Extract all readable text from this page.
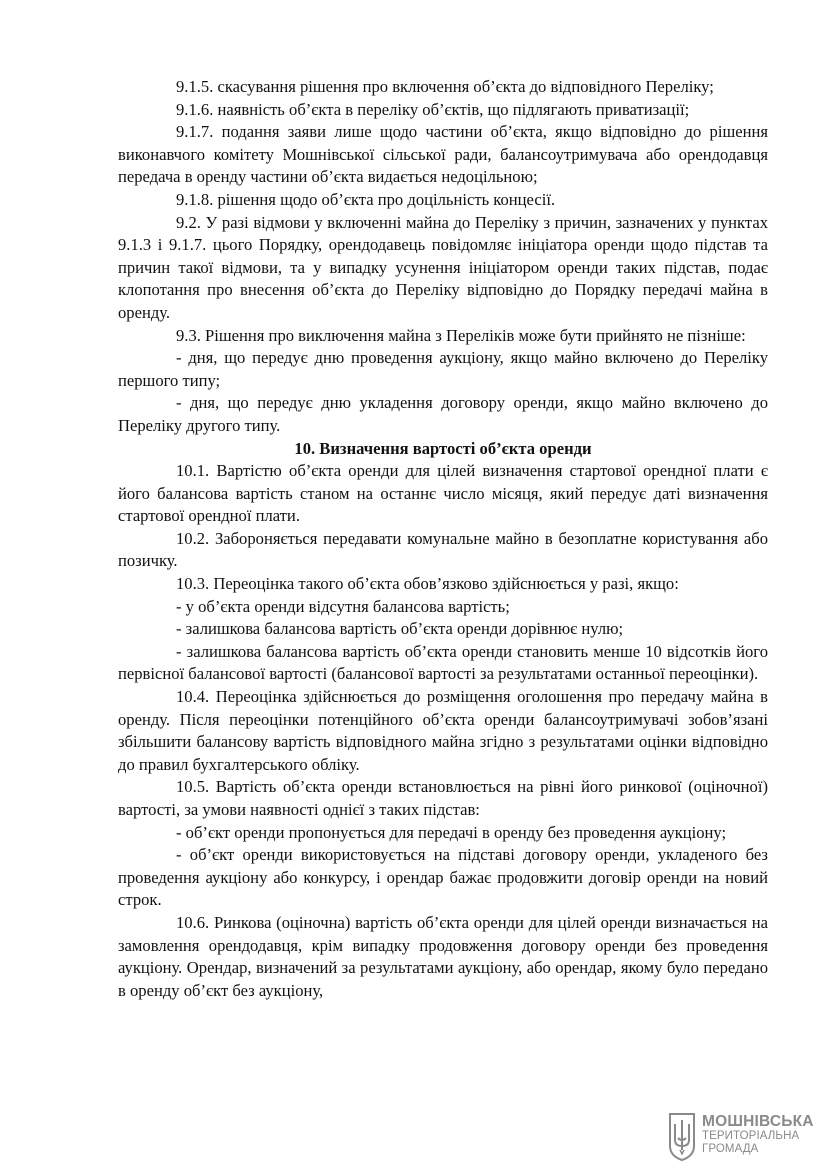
9.1.5. скасування рішення про включення об’єкта до відповідного Переліку;

9.1.6. наявність об’єкта в переліку об’єктів, що підлягають приватизації;

9.1.7. подання заяви лише щодо частини об’єкта, якщо відповідно до рішення виконавчого комітету Мошнівської сільської ради, балансоутримувача або орендодавця передача в оренду частини об’єкта видається недоцільною;

9.1.8. рішення щодо об’єкта про доцільність концесії.

9.2. У разі відмови у включенні майна до Переліку з причин, зазначених у пунктах 9.1.3 і 9.1.7. цього Порядку, орендодавець повідомляє ініціатора оренди щодо підстав та причин такої відмови, та у випадку усунення ініціатором оренди таких підстав, подає клопотання про внесення об’єкта до Переліку відповідно до Порядку передачі майна в оренду.

9.3. Рішення про виключення майна з Переліків може бути прийнято не пізніше:

- дня, що передує дню проведення аукціону, якщо майно включено до Переліку першого типу;

- дня, що передує дню укладення договору оренди, якщо майно включено до Переліку другого типу.

10. Визначення вартості об’єкта оренди

10.1. Вартістю об’єкта оренди для цілей визначення стартової орендної плати є його балансова вартість станом на останнє число місяця, який передує даті визначення стартової орендної плати.

10.2. Забороняється передавати комунальне майно в безоплатне користування або позичку.

10.3. Переоцінка такого об’єкта обов’язково здійснюється у разі, якщо:

- у об’єкта оренди відсутня балансова вартість;

- залишкова балансова вартість об’єкта оренди дорівнює нулю;

- залишкова балансова вартість об’єкта оренди становить менше 10 відсотків його первісної балансової вартості (балансової вартості за результатами останньої переоцінки).

10.4. Переоцінка здійснюється до розміщення оголошення про передачу майна в оренду. Після переоцінки потенційного об’єкта оренди балансоутримувачі зобов’язані збільшити балансову вартість відповідного майна згідно з результатами оцінки відповідно до правил бухгалтерського обліку.

10.5. Вартість об’єкта оренди встановлюється на рівні його ринкової (оціночної) вартості, за умови наявності однієї з таких підстав:

- об’єкт оренди пропонується для передачі в оренду без проведення аукціону;

- об’єкт оренди використовується на підставі договору оренди, укладеного без проведення аукціону або конкурсу, і орендар бажає продовжити договір оренди на новий строк.

10.6. Ринкова (оціночна) вартість об’єкта оренди для цілей оренди визначається на замовлення орендодавця, крім випадку продовження договору оренди без проведення аукціону. Орендар, визначений за результатами аукціону, або орендар, якому було передано в оренду об’єкт без аукціону,

МОШНІВСЬКА
ТЕРИТОРІАЛЬНА
ГРОМАДА
